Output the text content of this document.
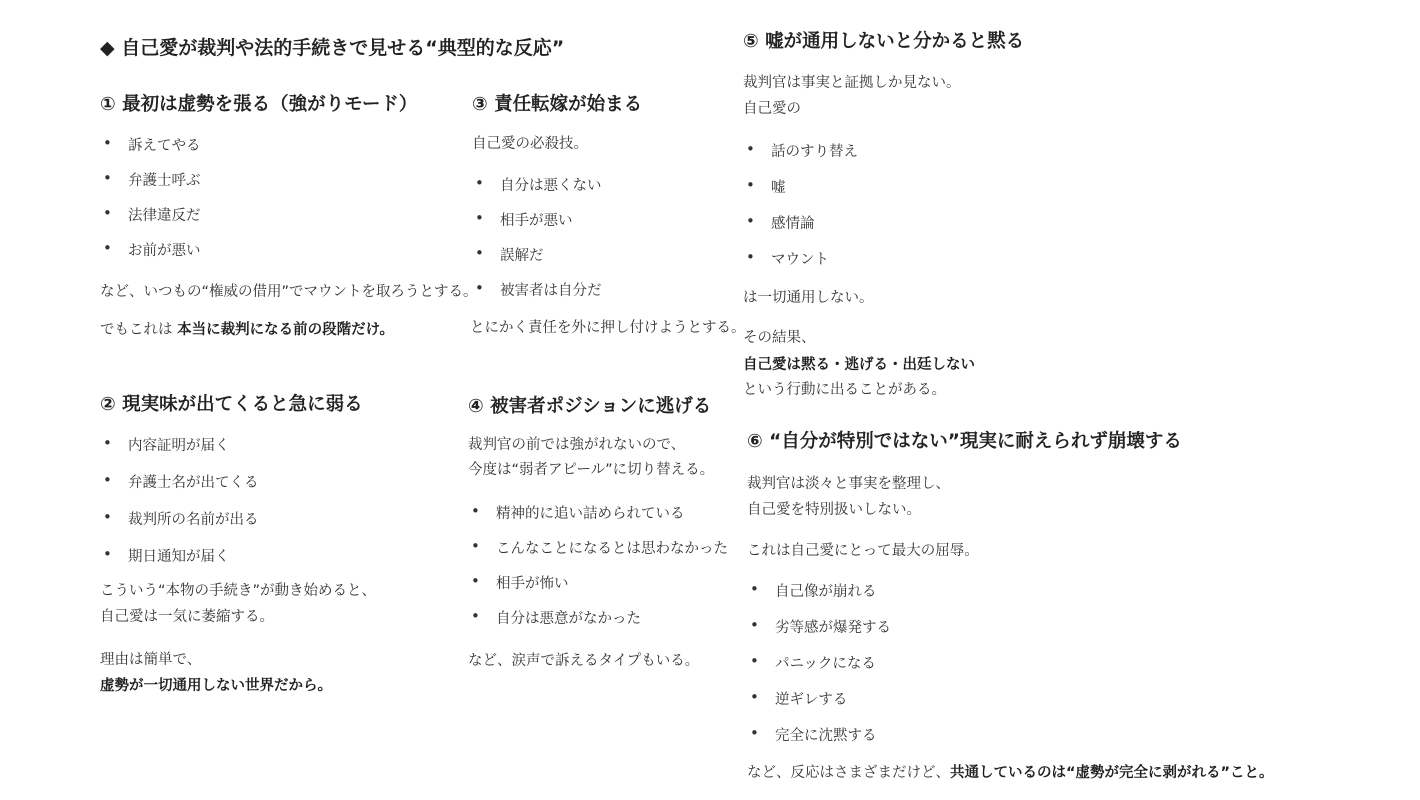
◆ 自己愛が裁判や法的手続きで見せる“典型的な反応”
① 最初は虚勢を張る（強がりモード）
• 訴えてやる
• 弁護士呼ぶ
• 法律違反だ
• お前が悪い
など、いつもの“権威の借用”でマウントを取ろうとする。
でもこれは 本当に裁判になる前の段階だけ。
② 現実味が出てくると急に弱る
• 内容証明が届く
• 弁護士名が出てくる
• 裁判所の名前が出る
• 期日通知が届く
こういう“本物の手続き”が動き始めると、
自己愛は一気に萎縮する。
理由は簡単で、
虚勢が一切通用しない世界だから。
③ 責任転嫁が始まる
自己愛の必殺技。
• 自分は悪くない
• 相手が悪い
• 誤解だ
• 被害者は自分だ
とにかく責任を外に押し付けようとする。
④ 被害者ポジションに逃げる
裁判官の前では強がれないので、
今度は“弱者アピール”に切り替える。
• 精神的に追い詰められている
• こんなことになるとは思わなかった
• 相手が怖い
• 自分は悪意がなかった
など、涙声で訴えるタイプもいる。
⑤ 嘘が通用しないと分かると黙る
裁判官は事実と証拠しか見ない。
自己愛の
• 話のすり替え
• 嘘
• 感情論
• マウント
は一切通用しない。
その結果、
自己愛は黙る・逃げる・出廷しない
という行動に出ることがある。
⑥ “自分が特別ではない”現実に耐えられず崩壊する
裁判官は淡々と事実を整理し、
自己愛を特別扱いしない。
これは自己愛にとって最大の屈辱。
• 自己像が崩れる
• 劣等感が爆発する
• パニックになる
• 逆ギレする
• 完全に沈黙する
など、反応はさまざまだけど、共通しているのは“虚勢が完全に剥がれる”こと。
